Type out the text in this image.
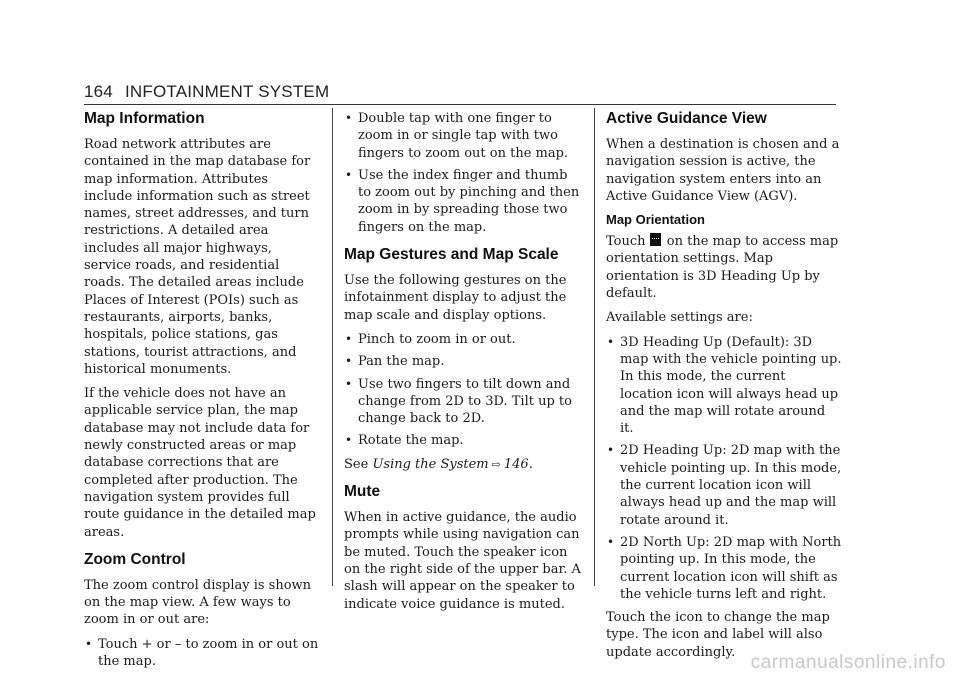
164 INFOTAINMENT SYSTEM
Map Information

Road network attributes are contained in the map database for map information. Attributes include information such as street names, street addresses, and turn restrictions. A detailed area includes all major highways, service roads, and residential roads. The detailed areas include Places of Interest (POIs) such as restaurants, airports, banks, hospitals, police stations, gas stations, tourist attractions, and historical monuments.

If the vehicle does not have an applicable service plan, the map database may not include data for newly constructed areas or map database corrections that are completed after production. The navigation system provides full route guidance in the detailed map areas.

Zoom Control

The zoom control display is shown on the map view. A few ways to zoom in or out are:

• Touch + or – to zoom in or out on the map.
• Double tap with one finger to zoom in or single tap with two fingers to zoom out on the map.
• Use the index finger and thumb to zoom out by pinching and then zoom in by spreading those two fingers on the map.
Map Gestures and Map Scale

Use the following gestures on the infotainment display to adjust the map scale and display options.

• Pinch to zoom in or out.
• Pan the map.
• Use two fingers to tilt down and change from 2D to 3D. Tilt up to change back to 2D.
• Rotate the map.

See Using the System ⇨ 146.

Mute

When in active guidance, the audio prompts while using navigation can be muted. Touch the speaker icon on the right side of the upper bar. A slash will appear on the speaker to indicate voice guidance is muted.

Active Guidance View

When a destination is chosen and a navigation session is active, the navigation system enters into an Active Guidance View (AGV).

Map Orientation

Touch on the map to access map orientation settings. Map orientation is 3D Heading Up by default.

Available settings are:

• 3D Heading Up (Default): 3D map with the vehicle pointing up. In this mode, the current location icon will always head up and the map will rotate around it.
• 2D Heading Up: 2D map with the vehicle pointing up. In this mode, the current location icon will always head up and the map will rotate around it.
• 2D North Up: 2D map with North pointing up. In this mode, the current location icon will shift as the vehicle turns left and right.

Touch the icon to change the map type. The icon and label will also update accordingly. carmanualsonline.info
